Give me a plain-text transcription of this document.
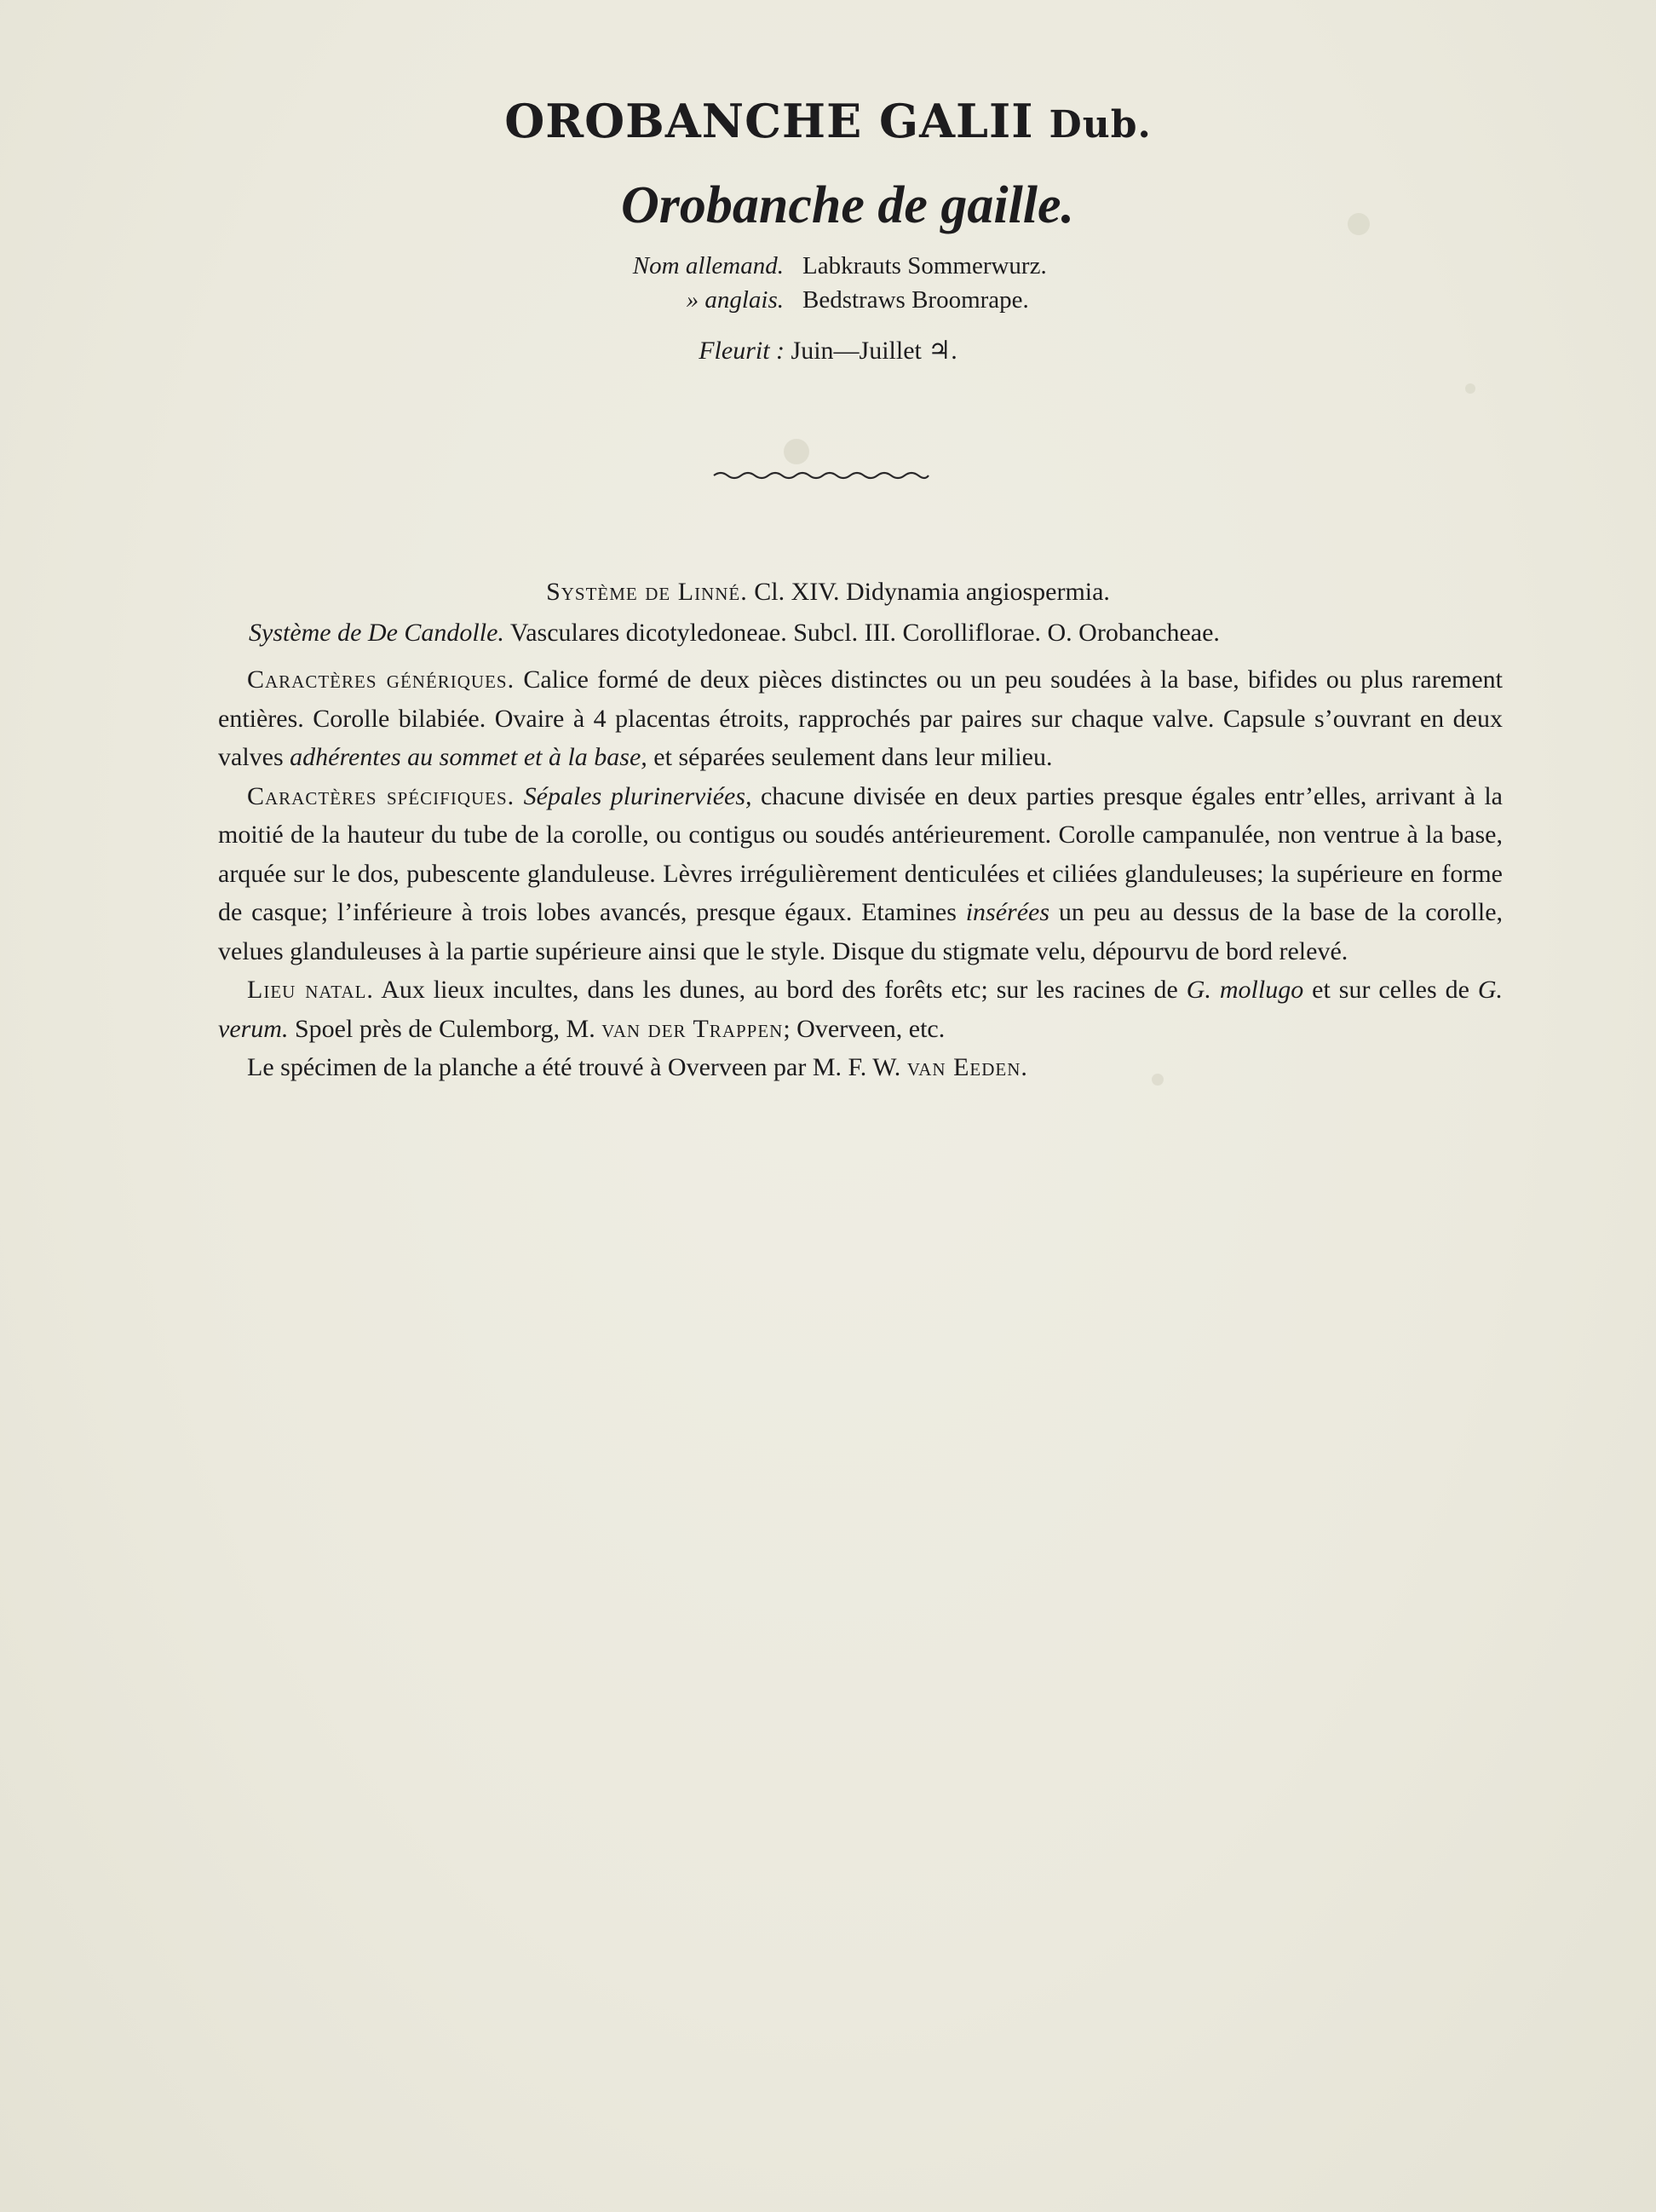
OROBANCHE GALII Dub.
Orobanche de gaille.
Nom allemand. Labkrauts Sommerwurz.
» anglais. Bedstraws Broomrape.
Fleurit : Juin—Juillet ♃.
Système de Linné. Cl. XIV. Didynamia angiospermia.
Système de De Candolle. Vasculares dicotyledoneae. Subcl. III. Corolliflorae. O. Orobancheae.

Caractères génériques. Calice formé de deux pièces distinctes ou un peu soudées à la base, bifides ou plus rarement entières. Corolle bilabiée. Ovaire à 4 placentas étroits, rapprochés par paires sur chaque valve. Capsule s’ouvrant en deux valves adhérentes au sommet et à la base, et séparées seulement dans leur milieu.

Caractères spécifiques. Sépales plurinerviées, chacune divisée en deux parties presque égales entr’elles, arrivant à la moitié de la hauteur du tube de la corolle, ou contigus ou soudés antérieurement. Corolle campanulée, non ventrue à la base, arquée sur le dos, pubescente glanduleuse. Lèvres irrégulièrement denticulées et ciliées glanduleuses; la supérieure en forme de casque; l’inférieure à trois lobes avancés, presque égaux. Etamines insérées un peu au dessus de la base de la corolle, velues glanduleuses à la partie supérieure ainsi que le style. Disque du stigmate velu, dépourvu de bord relevé.

Lieu natal. Aux lieux incultes, dans les dunes, au bord des forêts etc; sur les racines de G. mollugo et sur celles de G. verum. Spoel près de Culemborg, M. van der Trappen; Overveen, etc.

Le spécimen de la planche a été trouvé à Overveen par M. F. W. van Eeden.
